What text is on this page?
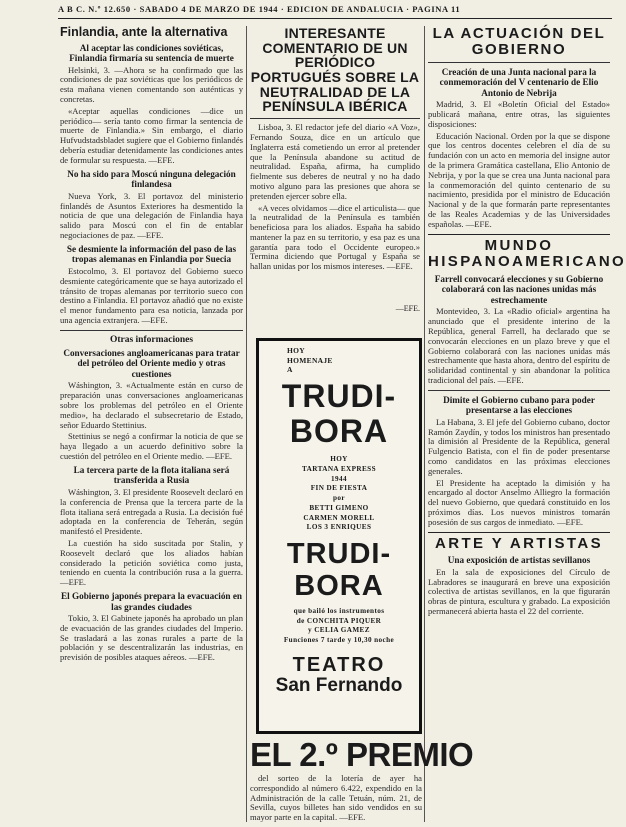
A B C. N.º 12.650 · SABADO 4 DE MARZO DE 1944 · EDICION DE ANDALUCIA · PAGINA 11
Finlandia, ante la alternativa
Al aceptar las condiciones soviéticas, Finlandia firmaría su sentencia de muerte

Helsinki, 3. —Ahora se ha confirmado que las condiciones de paz soviéticas que los periódicos de esta mañana vienen comentando son auténticas y concretas.

«Aceptar aquellas condiciones —dice un periódico— sería tanto como firmar la sentencia de muerte de Finlandia.» Sin embargo, el diario Hufvudstadsbladet sugiere que el Gobierno finlandés debería estudiar detenidamente las condiciones antes de formular su respuesta. —EFE.

No ha sido para Moscú ninguna delegación finlandesa

Nueva York, 3. El portavoz del ministerio finlandés de Asuntos Exteriores ha desmentido la noticia de que una delegación de Finlandia haya salido para Moscú con el fin de entablar negociaciones de paz. —EFE.

Se desmiente la información del paso de las tropas alemanas en Finlandia por Suecia

Estocolmo, 3. El portavoz del Gobierno sueco desmiente categóricamente que se haya autorizado el tránsito de tropas alemanas por territorio sueco con destino a Finlandia. El portavoz añadió que no existe el menor fundamento para esa noticia, lanzada por una agencia extranjera. —EFE.

Otras informaciones
Conversaciones angloamericanas para tratar del petróleo del Oriente medio y otras cuestiones

Wáshington, 3. «Actualmente están en curso de preparación unas conversaciones angloamericanas sobre los problemas del petróleo en el Oriente medio», ha declarado el subsecretario de Estado, señor Eduardo Stettinius.

Stettinius se negó a confirmar la noticia de que se haya llegado a un acuerdo definitivo sobre la cuestión del petróleo en el Oriente medio. —EFE.

La tercera parte de la flota italiana será transferida a Rusia

Wáshington, 3. El presidente Roosevelt declaró en la conferencia de Prensa que la tercera parte de la flota italiana será entregada a Rusia. La decisión fué adoptada en la conferencia de Teherán, según manifestó el Presidente.

La cuestión ha sido suscitada por Stalin, y Roosevelt declaró que los aliados habían considerado la petición soviética como justa, teniendo en cuenta la contribución rusa a la guerra. —EFE.

El Gobierno japonés prepara la evacuación en las grandes ciudades

Tokio, 3. El Gabinete japonés ha aprobado un plan de evacuación de las grandes ciudades del Imperio. Se trasladará a las zonas rurales a parte de la población y se descentralizarán las industrias, en previsión de posibles ataques aéreos. —EFE.

INTERESANTE COMENTARIO DE UN PERIÓDICO PORTUGUÉS SOBRE LA NEUTRALIDAD DE LA PENÍNSULA IBÉRICA

Lisboa, 3. El redactor jefe del diario «A Voz», Fernando Souza, dice en un artículo que Inglaterra está cometiendo un error al pretender que la Península abandone su actitud de neutralidad. España, afirma, ha cumplido fielmente sus deberes de neutral y no ha dado motivo alguno para las presiones que ahora se pretenden ejercer sobre ella.

«A veces olvidamos —dice el articulista— que la neutralidad de la Península es también beneficiosa para los aliados. España ha sabido mantener la paz en su territorio, y esa paz es una garantía para todo el Occidente europeo.» Termina diciendo que Portugal y España se hallan unidas por los mismos intereses. —EFE.

—EFE.
HOY
HOMENAJE
A
TRUDI-BORA
HOY
TARTANA EXPRESS
1944
FIN DE FIESTA
por
BETTI GIMENO
CARMEN MORELL
LOS 3 ENRIQUES
TRUDI-BORA
que bailó los instrumentos
de CONCHITA PIQUER
y CELIA GAMEZ
Funciones 7 tarde y 10,30 noche
TEATRO
San Fernando
EL 2.º PREMIO

del sorteo de la lotería de ayer ha correspondido al número 6.422, expendido en la Administración de la calle Tetuán, núm. 21, de Sevilla, cuyos billetes han sido vendidos en su mayor parte en la capital. —EFE.

LA ACTUACIÓN DEL GOBIERNO
Creación de una Junta nacional para la conmemoración del V centenario de Elio Antonio de Nebrija

Madrid, 3. El «Boletín Oficial del Estado» publicará mañana, entre otras, las siguientes disposiciones:

Educación Nacional. Orden por la que se dispone que los centros docentes celebren el día de su fundación con un acto en memoria del insigne autor de la primera Gramática castellana, Elio Antonio de Nebrija, y por la que se crea una Junta nacional para la conmemoración del quinto centenario de su nacimiento, presidida por el ministro de Educación Nacional y de la que formarán parte representantes de las Reales Academias y de las Universidades españolas. —EFE.

MUNDO HISPANOAMERICANO
Farrell convocará elecciones y su Gobierno colaborará con las naciones unidas más estrechamente

Montevideo, 3. La «Radio oficial» argentina ha anunciado que el presidente interino de la República, general Farrell, ha declarado que se convocarán elecciones en un plazo breve y que el Gobierno colaborará con las naciones unidas más estrechamente que hasta ahora, dentro del espíritu de solidaridad continental y sin abandonar la política tradicional del país. —EFE.

Dimite el Gobierno cubano para poder presentarse a las elecciones

La Habana, 3. El jefe del Gobierno cubano, doctor Ramón Zaydín, y todos los ministros han presentado la dimisión al Presidente de la República, general Fulgencio Batista, con el fin de poder presentarse como candidatos en las próximas elecciones generales.

El Presidente ha aceptado la dimisión y ha encargado al doctor Anselmo Alliegro la formación del nuevo Gobierno, que quedará constituido en los próximos días. Los nuevos ministros tomarán posesión de sus cargos de inmediato. —EFE.

ARTE Y ARTISTAS
Una exposición de artistas sevillanos

En la sala de exposiciones del Círculo de Labradores se inaugurará en breve una exposición colectiva de artistas sevillanos, en la que figurarán obras de pintura, escultura y grabado. La exposición permanecerá abierta hasta el 22 del corriente.
